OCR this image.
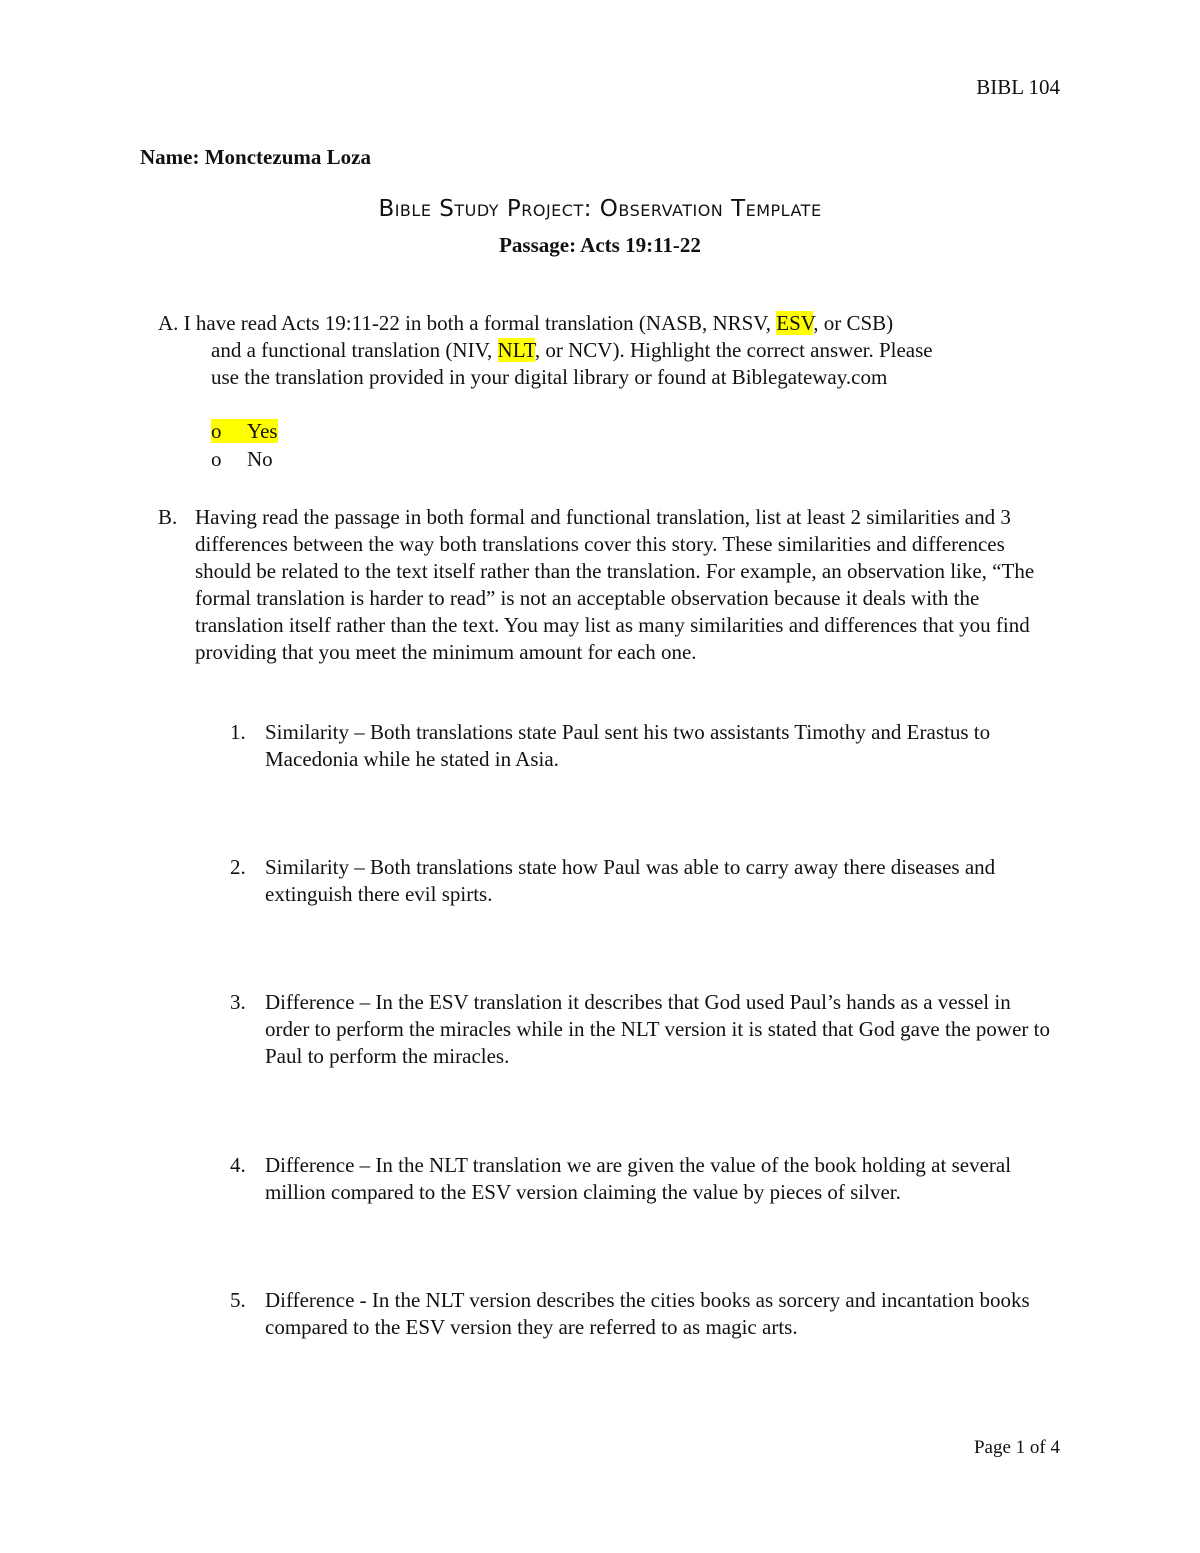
BIBL 104
Name: Monctezuma Loza
Bible Study Project: Observation Template
Passage: Acts 19:11-22
A. I have read Acts 19:11-22 in both a formal translation (NASB, NRSV, ESV, or CSB)
and a functional translation (NIV, NLT, or NCV). Highlight the correct answer. Please
use the translation provided in your digital library or found at Biblegateway.com
o Yes
o No
B. Having read the passage in both formal and functional translation, list at least 2 similarities and 3 differences between the way both translations cover this story. These similarities and differences should be related to the text itself rather than the translation. For example, an observation like, “The formal translation is harder to read” is not an acceptable observation because it deals with the translation itself rather than the text. You may list as many similarities and differences that you find providing that you meet the minimum amount for each one.
1. Similarity – Both translations state Paul sent his two assistants Timothy and Erastus to Macedonia while he stated in Asia.
2. Similarity – Both translations state how Paul was able to carry away there diseases and extinguish there evil spirts.
3. Difference – In the ESV translation it describes that God used Paul’s hands as a vessel in order to perform the miracles while in the NLT version it is stated that God gave the power to Paul to perform the miracles.
4. Difference – In the NLT translation we are given the value of the book holding at several million compared to the ESV version claiming the value by pieces of silver.
5. Difference - In the NLT version describes the cities books as sorcery and incantation books compared to the ESV version they are referred to as magic arts.
Page 1 of 4
